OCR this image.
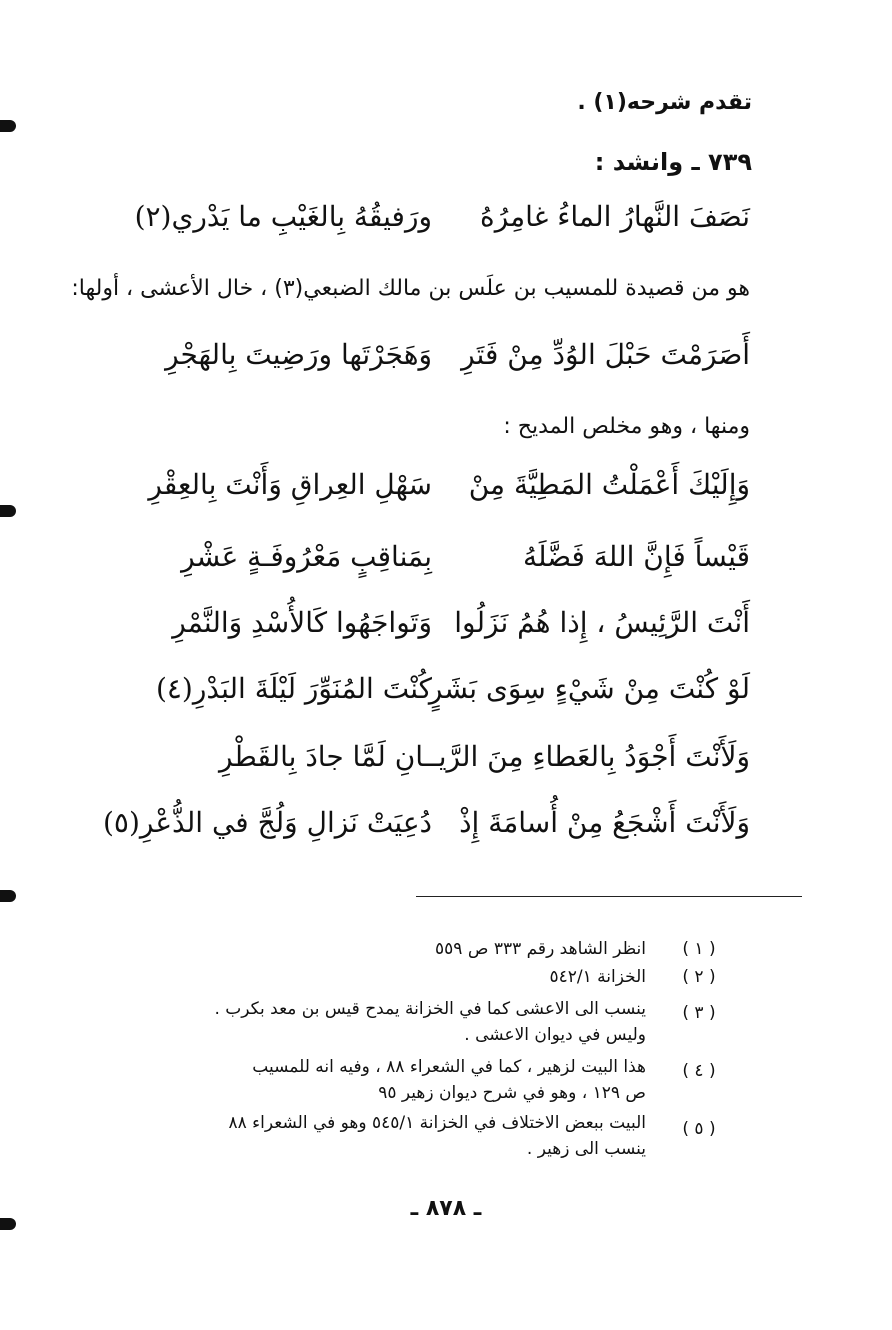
تقدم شرحه(١) .
٧٣٩ ـ وانشد :
نَصَفَ النَّهارُ الماءُ غامِرُهُ
ورَفيقُهُ بِالغَيْبِ ما يَدْري(٢)
هو من قصيدة للمسيب بن علَس بن مالك الضبعي(٣) ، خال الأعشى ، أولها:
أَصَرَمْتَ حَبْلَ الوُدِّ مِنْ فَتَرِ
وَهَجَرْتَها ورَضِيتَ بِالهَجْرِ
ومنها ، وهو مخلص المديح :
وَإِلَيْكَ أَعْمَلْتُ المَطِيَّةَ مِنْ
سَهْلِ العِراقِ وَأَنْتَ بِالعِقْرِ
قَيْساً فَإِنَّ اللهَ فَضَّلَهُ
بِمَناقِبٍ مَعْرُوفَـةٍ عَشْرِ
أَنْتَ الرَّئِيسُ ، إِذا هُمُ نَزَلُوا
وَتَواجَهُوا كَالأُسْدِ وَالنَّمْرِ
لَوْ كُنْتَ مِنْ شَيْءٍ سِوَى بَشَرٍ
كُنْتَ المُنَوِّرَ لَيْلَةَ البَدْرِ(٤)
وَلَأَنْتَ أَجْوَدُ بِالعَطاءِ مِنَ الرَّيـ
ـانِ لَمَّا جادَ بِالقَطْرِ
وَلَأَنْتَ أَشْجَعُ مِنْ أُسامَةَ إِذْ
دُعِيَتْ نَزالِ وَلُجَّ في الذُّعْرِ(٥)
( ١ )
انظر الشاهد رقم ٣٣٣ ص ٥٥٩
( ٢ )
الخزانة ٥٤٢/١
( ٣ )
ينسب الى الاعشى كما في الخزانة يمدح قيس بن معد بكرب .
وليس في ديوان الاعشى .
( ٤ )
هذا البيت لزهير ، كما في الشعراء ٨٨ ، وفيه انه للمسيب
ص ١٢٩ ، وهو في شرح ديوان زهير ٩٥
( ٥ )
البيت ببعض الاختلاف في الخزانة ٥٤٥/١ وهو في الشعراء ٨٨
ينسب الى زهير .
ـ ٨٧٨ ـ
